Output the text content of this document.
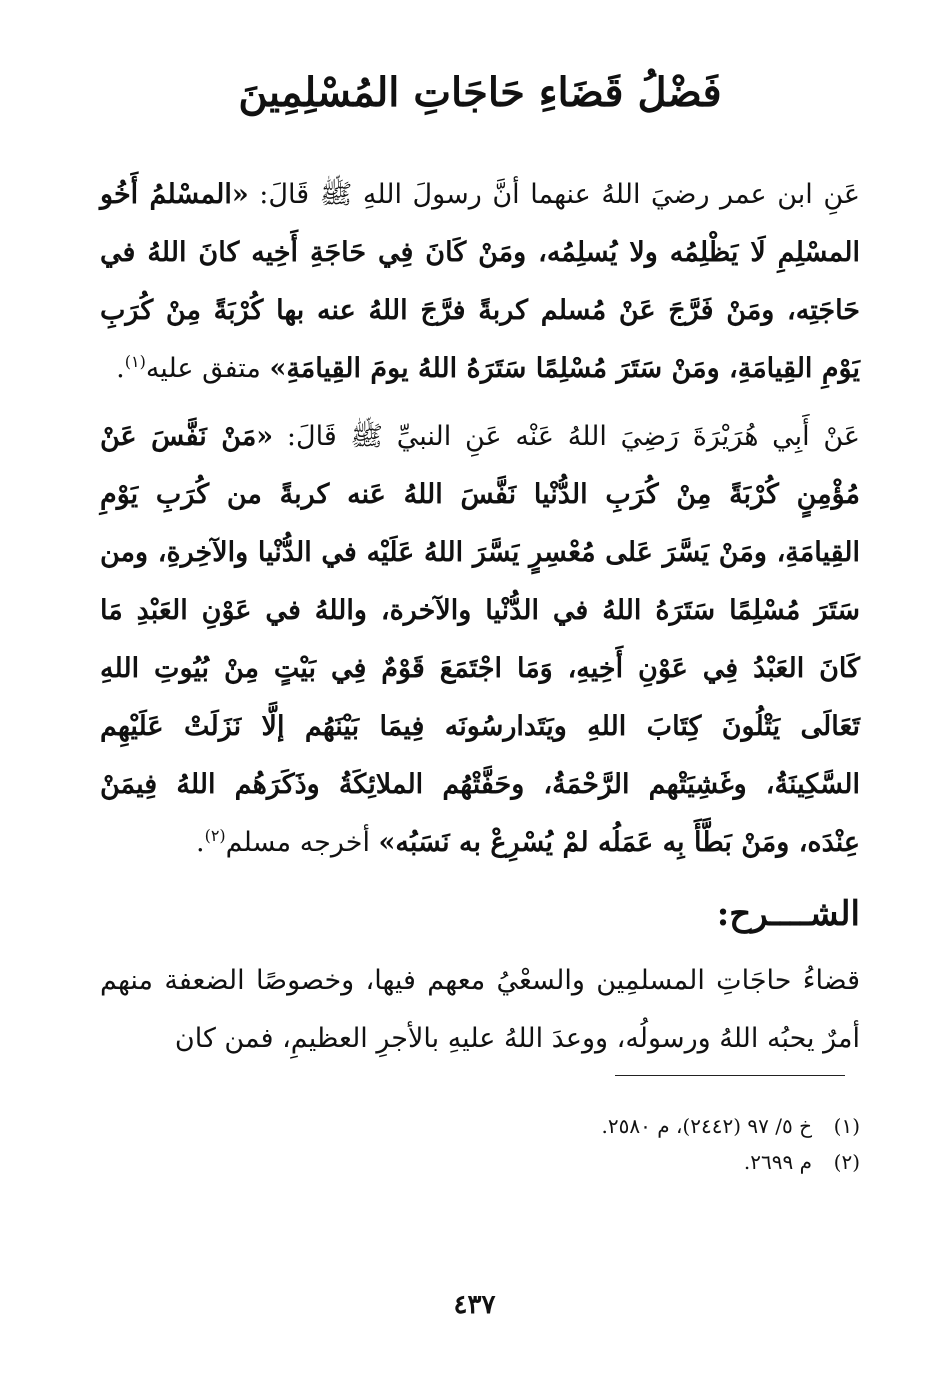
فَضْلُ قَضَاءِ حَاجَاتِ المُسْلِمِينَ

عَنِ ابن عمر رضيَ اللهُ عنهما أنَّ رسولَ اللهِ ﷺ قَالَ: «المسْلمُ أَخُو المسْلِمِ لَا يَظْلِمُه ولا يُسلِمُه، ومَنْ كَانَ فِي حَاجَةِ أَخِيه كانَ اللهُ في حَاجَتِه، ومَنْ فَرَّجَ عَنْ مُسلم كربةً فرَّجَ اللهُ عنه بها كُرْبَةً مِنْ كُرَبِ يَوْمِ القِيامَةِ، ومَنْ سَتَرَ مُسْلِمًا سَتَرَهُ اللهُ يومَ القِيامَةِ» متفق عليه$^{(١)}$.

عَنْ أَبِي هُرَيْرَةَ رَضِيَ اللهُ عَنْه عَنِ النبيِّ ﷺ قَالَ: «مَنْ نَفَّسَ عَنْ مُؤْمِنٍ كُرْبَةً مِنْ كُرَبِ الدُّنْيا نَفَّسَ اللهُ عَنه كربةً من كُرَبِ يَوْمِ القِيامَةِ، ومَنْ يَسَّرَ عَلى مُعْسِرٍ يَسَّرَ اللهُ عَلَيْه في الدُّنْيا والآخِرةِ، ومن سَتَرَ مُسْلِمًا سَتَرَهُ اللهُ في الدُّنْيا والآخرة، واللهُ في عَوْنِ العَبْدِ مَا كَانَ العَبْدُ فِي عَوْنِ أَخِيهِ، وَمَا اجْتَمَعَ قَوْمٌ فِي بَيْتٍ مِنْ بُيُوتِ اللهِ تَعَالَى يَتْلُونَ كِتَابَ اللهِ ويَتَدارسُونَه فِيمَا بَيْنَهُم إلَّا نَزَلَتْ عَلَيْهِم السَّكِينَةُ، وغَشِيَتْهم الرَّحْمَةُ، وحَفَّتْهُم الملائِكَةُ وذَكَرَهُم اللهُ فِيمَنْ عِنْدَه، ومَنْ بَطَّأَ بِه عَمَلُه لمْ يُسْرِعْ به نَسَبُه» أخرجه مسلم$^{(٢)}$.

الشــــرح:

قضاءُ حاجَاتِ المسلمِين والسعْيُ معهم فيها، وخصوصًا الضعفة منهم أمرٌ يحبُه اللهُ ورسولُه، ووعدَ اللهُ عليهِ بالأجرِ العظيمِ، فمن كان

(١)خ ٥/ ٩٧ (٢٤٤٢)، م ٢٥٨٠.

(٢)م ٢٦٩٩.

٤٣٧
